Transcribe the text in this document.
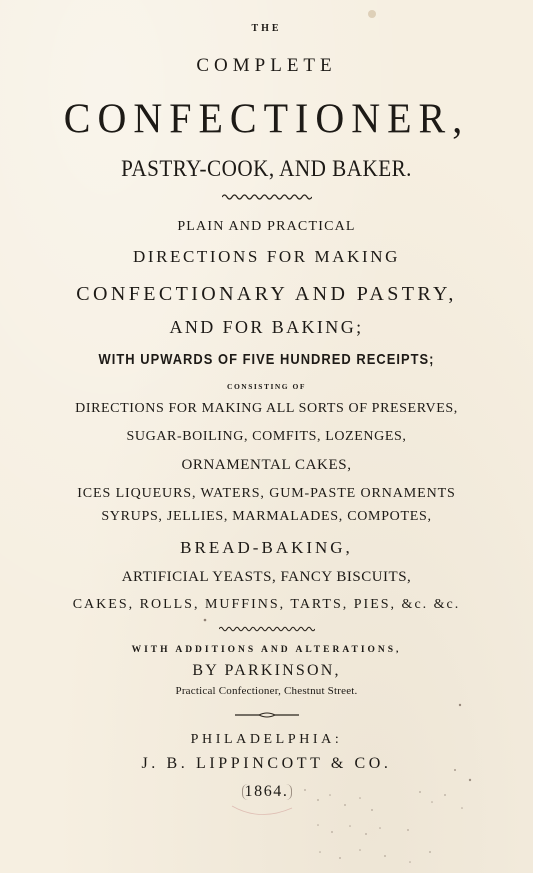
THE
COMPLETE
CONFECTIONER,
PASTRY-COOK, AND BAKER.
PLAIN AND PRACTICAL
DIRECTIONS FOR MAKING
CONFECTIONARY AND PASTRY,
AND FOR BAKING;
WITH UPWARDS OF FIVE HUNDRED RECEIPTS;
CONSISTING OF
DIRECTIONS FOR MAKING ALL SORTS OF PRESERVES,
SUGAR-BOILING, COMFITS, LOZENGES,
ORNAMENTAL CAKES,
ICES LIQUEURS, WATERS, GUM-PASTE ORNAMENTS
SYRUPS, JELLIES, MARMALADES, COMPOTES,
BREAD-BAKING,
ARTIFICIAL YEASTS, FANCY BISCUITS,
CAKES, ROLLS, MUFFINS, TARTS, PIES, &c. &c.
WITH ADDITIONS AND ALTERATIONS,
BY PARKINSON,
Practical Confectioner, Chestnut Street.
PHILADELPHIA:
J. B. LIPPINCOTT & CO.
1864.
